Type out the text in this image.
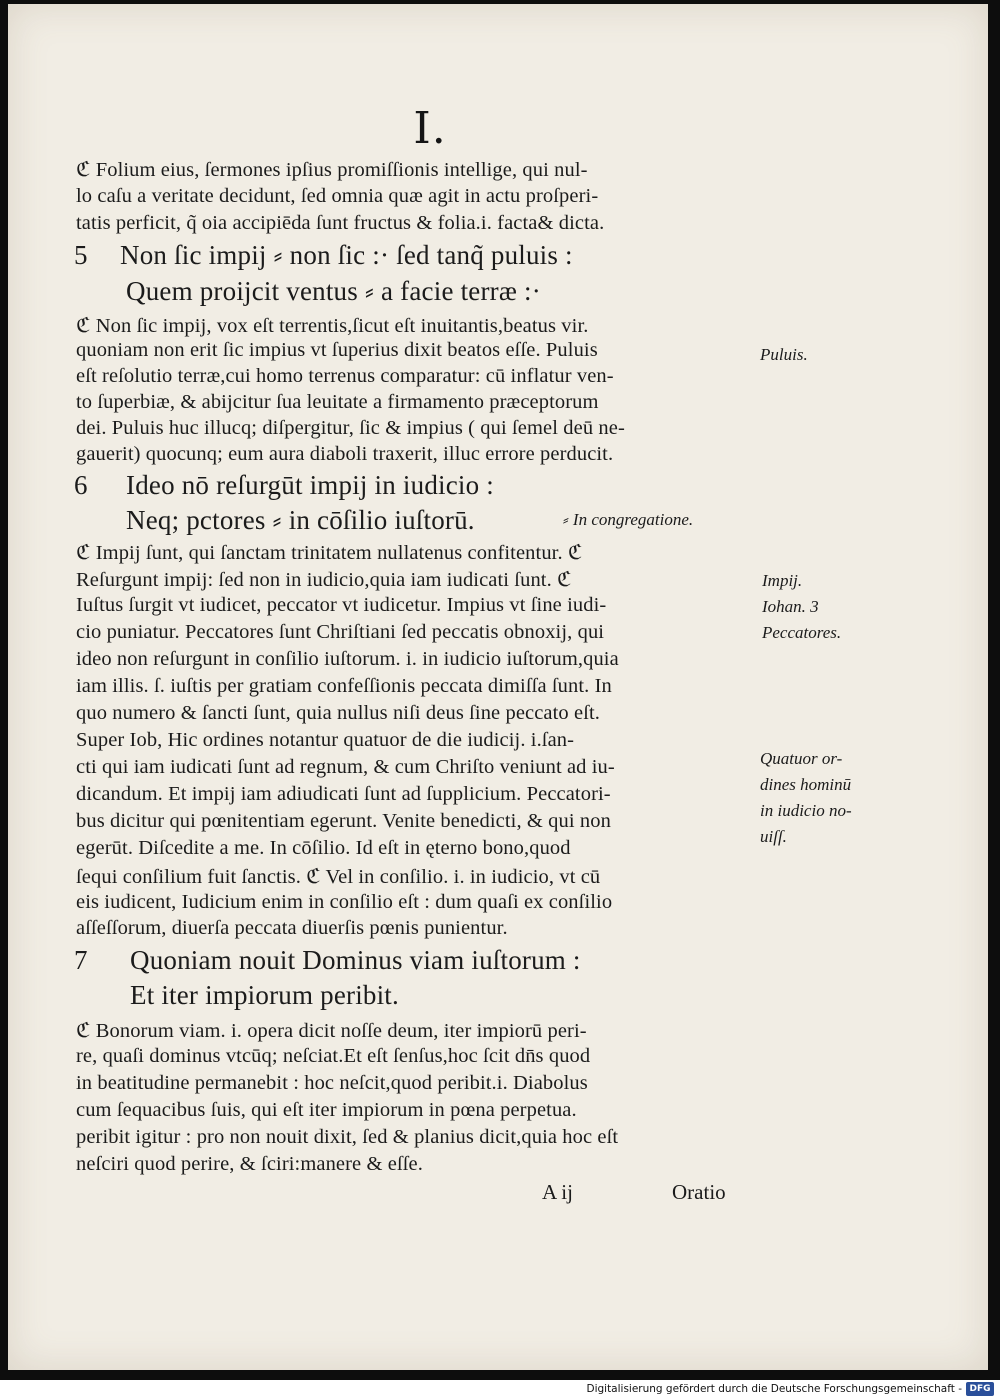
I.
ℭ Folium eius, ſermones ipſius promiſſionis intellige, qui nul-
lo caſu a veritate decidunt, ſed omnia quæ agit in actu proſperi-
tatis perficit, q̃ oia accipiēda ſunt fructus & folia.i. facta& dicta.
5 Non ſic impij ⸗ non ſic :· ſed tanq̃ puluis :
Quem proijcit ventus ⸗ a facie terræ :·
ℭ Non ſic impij, vox eſt terrentis,ſicut eſt inuitantis,beatus vir.
quoniam non erit ſic impius vt ſuperius dixit beatos eſſe. Puluis
eſt reſolutio terræ,cui homo terrenus comparatur: cū inflatur ven-
to ſuperbiæ, & abijcitur ſua leuitate a firmamento præceptorum
dei. Puluis huc illucq; diſpergitur, ſic & impius ( qui ſemel deū ne-
gauerit) quocunq; eum aura diaboli traxerit, illuc errore perducit.
6 Ideo nō reſurgūt impij in iudicio :
Neq; pctores ⸗ in cōſilio iuſtorū.	⸗ In congregatione.
ℭ Impij ſunt, qui ſanctam trinitatem nullatenus confitentur. ℭ
Reſurgunt impij: ſed non in iudicio,quia iam iudicati ſunt. ℭ
Iuſtus ſurgit vt iudicet, peccator vt iudicetur. Impius vt ſine iudi-
cio puniatur. Peccatores ſunt Chriſtiani ſed peccatis obnoxij, qui
ideo non reſurgunt in conſilio iuſtorum. i. in iudicio iuſtorum,quia
iam illis. ſ. iuſtis per gratiam confeſſionis peccata dimiſſa ſunt. In
quo numero & ſancti ſunt, quia nullus niſi deus ſine peccato eſt.
Super Iob, Hic ordines notantur quatuor de die iudicij. i.ſan-
cti qui iam iudicati ſunt ad regnum, & cum Chriſto veniunt ad iu-
dicandum. Et impij iam adiudicati ſunt ad ſupplicium. Peccatori-
bus dicitur qui pœnitentiam egerunt. Venite benedicti, & qui non
egerūt. Diſcedite a me. In cōſilio. Id eſt in ęterno bono,quod
ſequi conſilium fuit ſanctis. ℭ Vel in conſilio. i. in iudicio, vt cū
eis iudicent, Iudicium enim in conſilio eſt : dum quaſi ex conſilio
aſſeſſorum, diuerſa peccata diuerſis pœnis punientur.
7 Quoniam nouit Dominus viam iuſtorum :
Et iter impiorum peribit.
ℭ Bonorum viam. i. opera dicit noſſe deum, iter impiorū peri-
re, quaſi dominus vtcūq; neſciat.Et eſt ſenſus,hoc ſcit dn̄s quod
in beatitudine permanebit : hoc neſcit,quod peribit.i. Diabolus
cum ſequacibus ſuis, qui eſt iter impiorum in pœna perpetua.
peribit igitur : pro non nouit dixit, ſed & planius dicit,quia hoc eſt
neſciri quod perire, & ſciri:manere & eſſe.
Puluis.
Impij.
Iohan. 3
Peccatores.
Quatuor or-
dines hominū
in iudicio no-
uiſſ.
A ij	Oratio
Digitalisierung gefördert durch die Deutsche Forschungsgemeinschaft - DFG
